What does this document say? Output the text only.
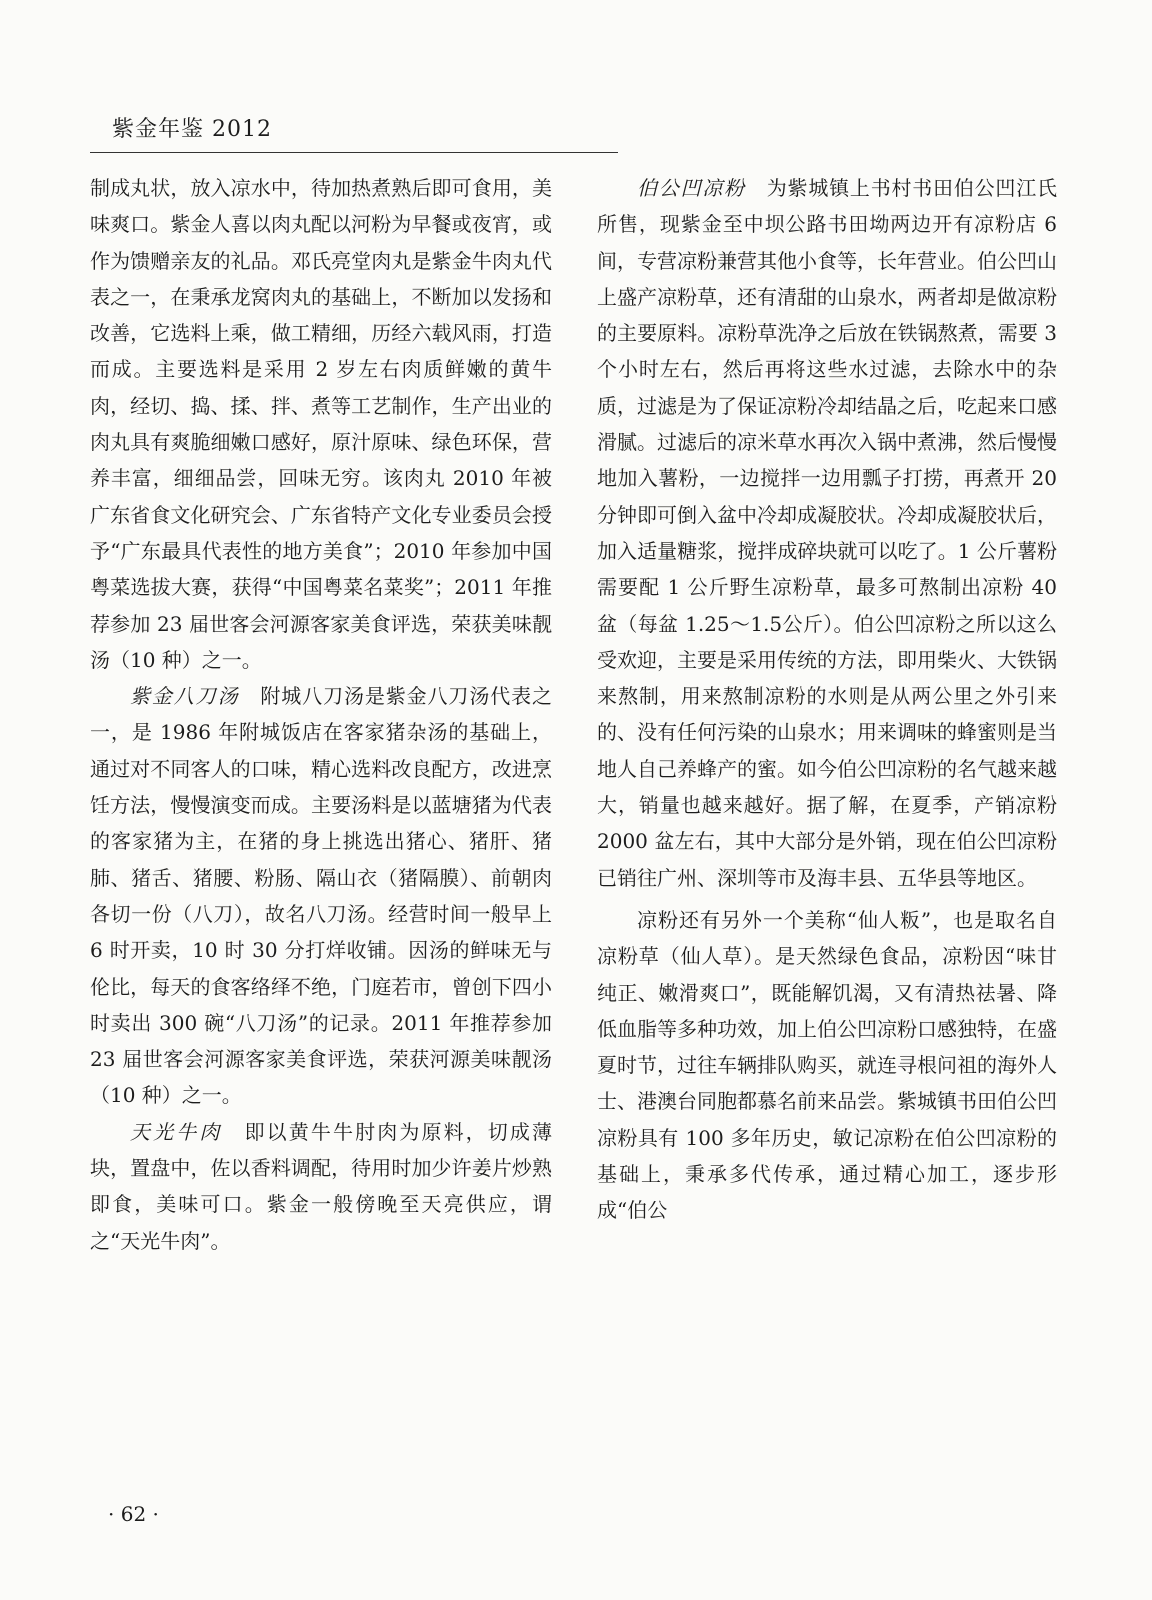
紫金年鉴 2012

制成丸状，放入凉水中，待加热煮熟后即可食用，美味爽口。紫金人喜以肉丸配以河粉为早餐或夜宵，或作为馈赠亲友的礼品。邓氏亮堂肉丸是紫金牛肉丸代表之一，在秉承龙窝肉丸的基础上，不断加以发扬和改善，它选料上乘，做工精细，历经六载风雨，打造而成。主要选料是采用 2 岁左右肉质鲜嫩的黄牛肉，经切、捣、揉、拌、煮等工艺制作，生产出业的肉丸具有爽脆细嫩口感好，原汁原味、绿色环保，营养丰富，细细品尝，回味无穷。该肉丸 2010 年被广东省食文化研究会、广东省特产文化专业委员会授予“广东最具代表性的地方美食”；2010 年参加中国粤菜选拔大赛，获得“中国粤菜名菜奖”；2011 年推荐参加 23 届世客会河源客家美食评选，荣获美味靓汤（10 种）之一。

紫金八刀汤  附城八刀汤是紫金八刀汤代表之一，是 1986 年附城饭店在客家猪杂汤的基础上，通过对不同客人的口味，精心选料改良配方，改进烹饪方法，慢慢演变而成。主要汤料是以蓝塘猪为代表的客家猪为主，在猪的身上挑选出猪心、猪肝、猪肺、猪舌、猪腰、粉肠、隔山衣（猪隔膜）、前朝肉各切一份（八刀），故名八刀汤。经营时间一般早上 6 时开卖，10 时 30 分打烊收铺。因汤的鲜味无与伦比，每天的食客络绎不绝，门庭若市，曾创下四小时卖出 300 碗“八刀汤”的记录。2011 年推荐参加 23 届世客会河源客家美食评选，荣获河源美味靓汤（10 种）之一。

天光牛肉  即以黄牛牛肘肉为原料，切成薄块，置盘中，佐以香料调配，待用时加少许姜片炒熟即食，美味可口。紫金一般傍晚至天亮供应，谓之“天光牛肉”。

伯公凹凉粉  为紫城镇上书村书田伯公凹江氏所售，现紫金至中坝公路书田坳两边开有凉粉店 6 间，专营凉粉兼营其他小食等，长年营业。伯公凹山上盛产凉粉草，还有清甜的山泉水，两者却是做凉粉的主要原料。凉粉草洗净之后放在铁锅熬煮，需要 3 个小时左右，然后再将这些水过滤，去除水中的杂质，过滤是为了保证凉粉冷却结晶之后，吃起来口感滑腻。过滤后的凉米草水再次入锅中煮沸，然后慢慢地加入薯粉，一边搅拌一边用瓢子打捞，再煮开 20 分钟即可倒入盆中冷却成凝胶状。冷却成凝胶状后，加入适量糖浆，搅拌成碎块就可以吃了。1 公斤薯粉需要配 1 公斤野生凉粉草，最多可熬制出凉粉 40 盆（每盆 1.25～1.5公斤）。伯公凹凉粉之所以这么受欢迎，主要是采用传统的方法，即用柴火、大铁锅来熬制，用来熬制凉粉的水则是从两公里之外引来的、没有任何污染的山泉水；用来调味的蜂蜜则是当地人自己养蜂产的蜜。如今伯公凹凉粉的名气越来越大，销量也越来越好。据了解，在夏季，产销凉粉 2000 盆左右，其中大部分是外销，现在伯公凹凉粉已销往广州、深圳等市及海丰县、五华县等地区。

凉粉还有另外一个美称“仙人粄”，也是取名自凉粉草（仙人草）。是天然绿色食品，凉粉因“味甘纯正、嫩滑爽口”，既能解饥渴，又有清热祛暑、降低血脂等多种功效，加上伯公凹凉粉口感独特，在盛夏时节，过往车辆排队购买，就连寻根问祖的海外人士、港澳台同胞都慕名前来品尝。紫城镇书田伯公凹凉粉具有 100 多年历史，敏记凉粉在伯公凹凉粉的基础上，秉承多代传承，通过精心加工，逐步形成“伯公

· 62 ·
